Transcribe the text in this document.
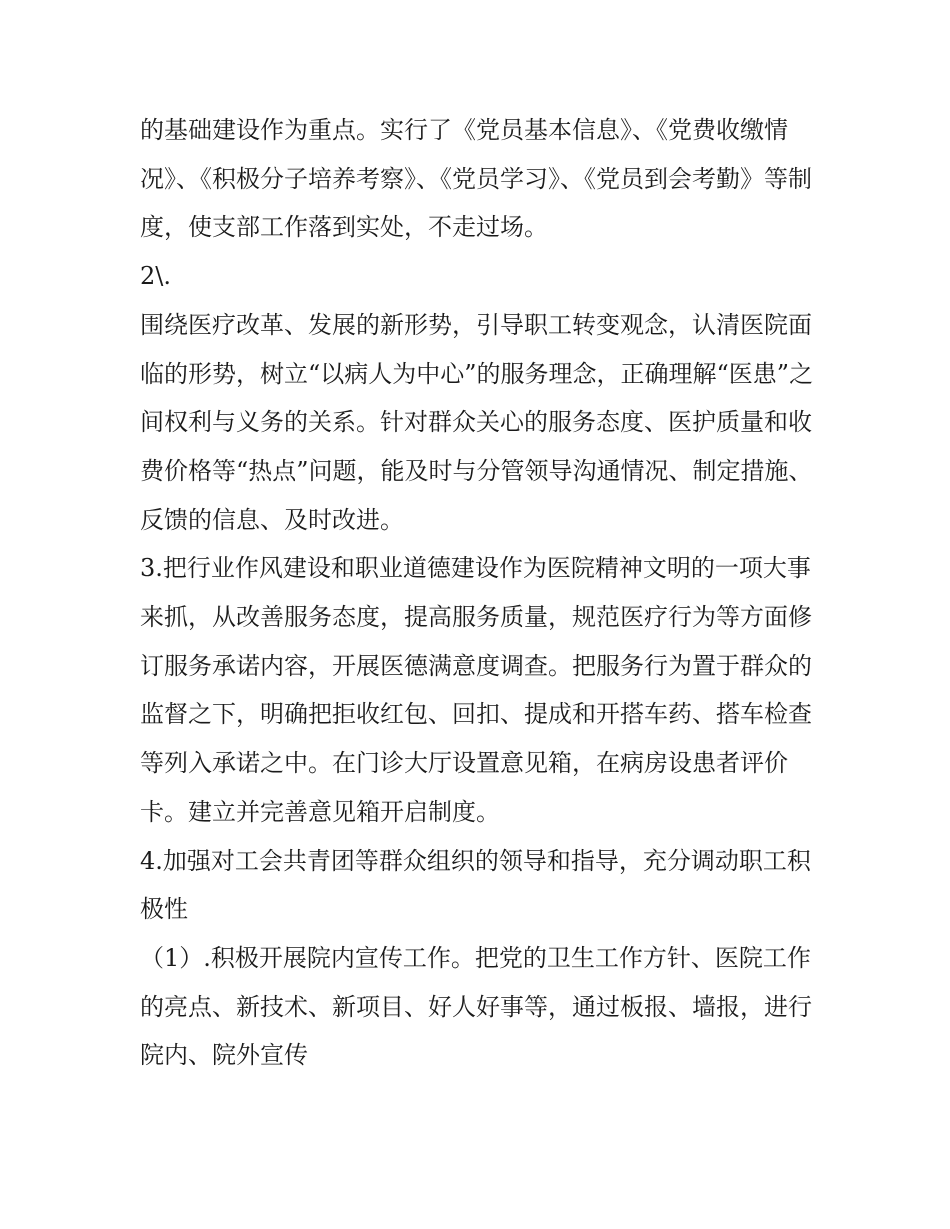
的基础建设作为重点。实行了《党员基本信息》、《党费收缴情况》、《积极分子培养考察》、《党员学习》、《党员到会考勤》等制度，使支部工作落到实处，不走过场。

2\.

围绕医疗改革、发展的新形势，引导职工转变观念，认清医院面临的形势，树立“以病人为中心”的服务理念，正确理解“医患”之间权利与义务的关系。针对群众关心的服务态度、医护质量和收费价格等“热点”问题，能及时与分管领导沟通情况、制定措施、反馈的信息、及时改进。

3.把行业作风建设和职业道德建设作为医院精神文明的一项大事来抓，从改善服务态度，提高服务质量，规范医疗行为等方面修订服务承诺内容，开展医德满意度调查。把服务行为置于群众的监督之下，明确把拒收红包、回扣、提成和开搭车药、搭车检查等列入承诺之中。在门诊大厅设置意见箱，在病房设患者评价卡。建立并完善意见箱开启制度。

4.加强对工会共青团等群众组织的领导和指导，充分调动职工积极性

（1）.积极开展院内宣传工作。把党的卫生工作方针、医院工作的亮点、新技术、新项目、好人好事等，通过板报、墙报，进行院内、院外宣传
